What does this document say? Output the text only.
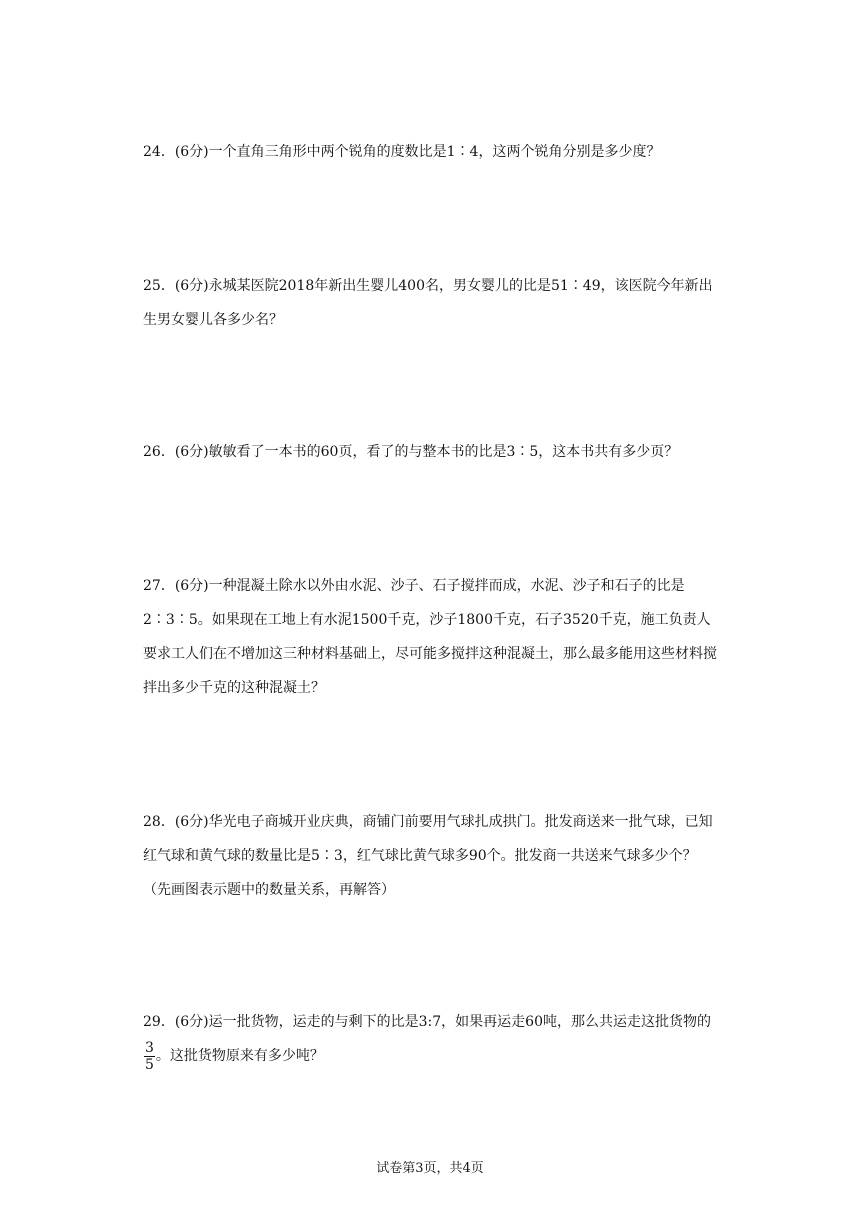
24．(6分)一个直角三角形中两个锐角的度数比是1∶4，这两个锐角分别是多少度？

25．(6分)永城某医院2018年新出生婴儿400名，男女婴儿的比是51∶49，该医院今年新出生男女婴儿各多少名？

26．(6分)敏敏看了一本书的60页，看了的与整本书的比是3∶5，这本书共有多少页？

27．(6分)一种混凝土除水以外由水泥、沙子、石子搅拌而成，水泥、沙子和石子的比是2∶3∶5。如果现在工地上有水泥1500千克，沙子1800千克，石子3520千克，施工负责人要求工人们在不增加这三种材料基础上，尽可能多搅拌这种混凝土，那么最多能用这些材料搅拌出多少千克的这种混凝土？

28．(6分)华光电子商城开业庆典，商铺门前要用气球扎成拱门。批发商送来一批气球，已知红气球和黄气球的数量比是5∶3，红气球比黄气球多90个。批发商一共送来气球多少个？（先画图表示题中的数量关系，再解答）

29．(6分)运一批货物，运走的与剩下的比是3:7，如果再运走60吨，那么共运走这批货物的
$\frac{3}{5}$ 。这批货物原来有多少吨？

试卷第3页，共4页
